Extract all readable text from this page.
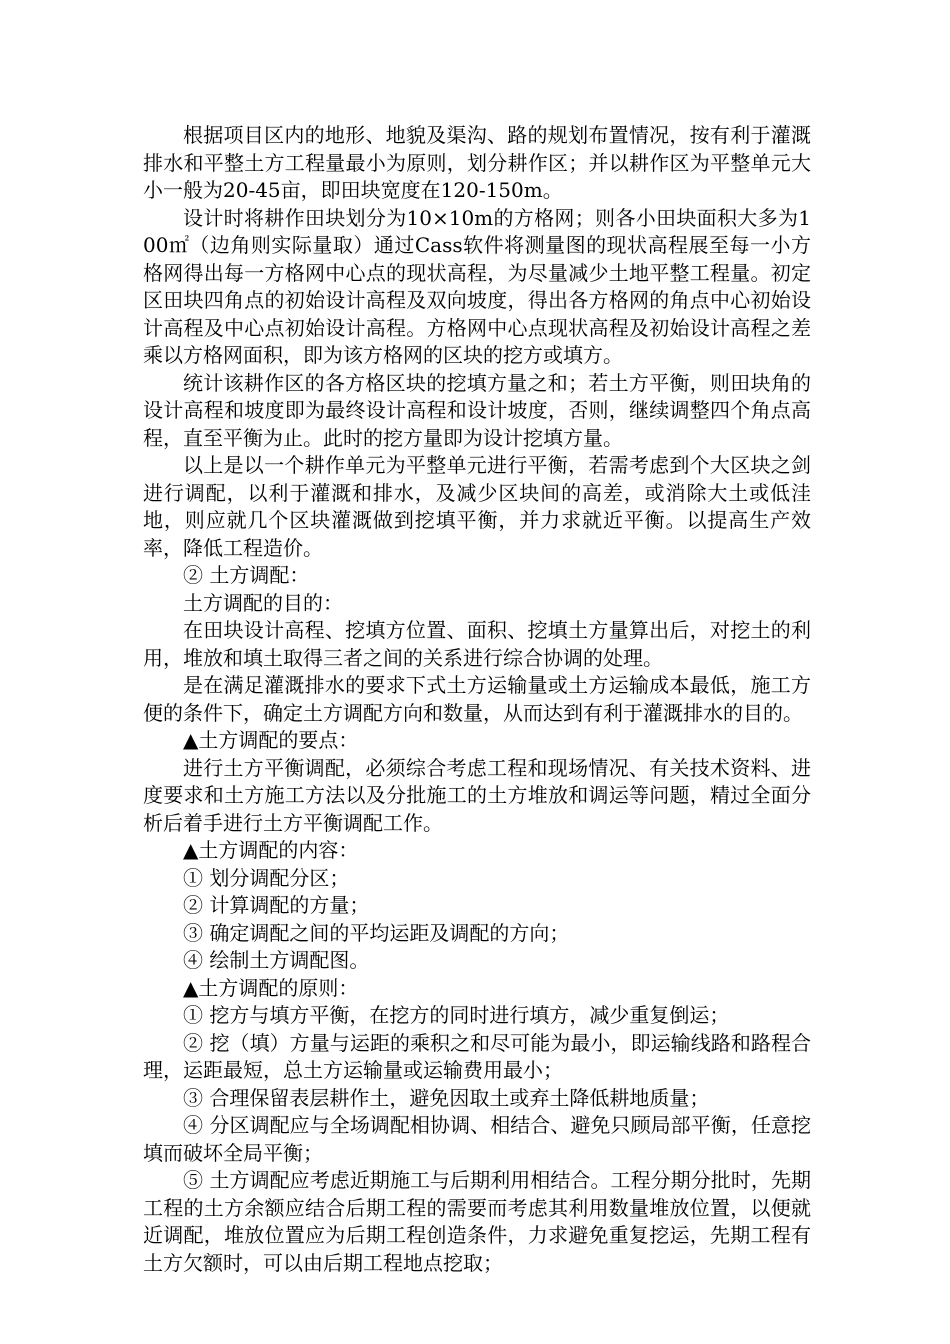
根据项目区内的地形、地貌及渠沟、路的规划布置情况，按有利于灌溉排水和平整土方工程量最小为原则，划分耕作区；并以耕作区为平整单元大小一般为20-45亩，即田块宽度在120-150m。

设计时将耕作田块划分为10×10m的方格网；则各小田块面积大多为100㎡（边角则实际量取）通过Cass软件将测量图的现状高程展至每一小方格网得出每一方格网中心点的现状高程，为尽量减少土地平整工程量。初定区田块四角点的初始设计高程及双向坡度，得出各方格网的角点中心初始设计高程及中心点初始设计高程。方格网中心点现状高程及初始设计高程之差乘以方格网面积，即为该方格网的区块的挖方或填方。

统计该耕作区的各方格区块的挖填方量之和；若土方平衡，则田块角的设计高程和坡度即为最终设计高程和设计坡度，否则，继续调整四个角点高程，直至平衡为止。此时的挖方量即为设计挖填方量。

以上是以一个耕作单元为平整单元进行平衡，若需考虑到个大区块之剑进行调配，以利于灌溉和排水，及减少区块间的高差，或消除大土或低洼地，则应就几个区块灌溉做到挖填平衡，并力求就近平衡。以提高生产效率，降低工程造价。

② 土方调配：

土方调配的目的：

在田块设计高程、挖填方位置、面积、挖填土方量算出后，对挖土的利用，堆放和填土取得三者之间的关系进行综合协调的处理。

是在满足灌溉排水的要求下式土方运输量或土方运输成本最低，施工方便的条件下，确定土方调配方向和数量，从而达到有利于灌溉排水的目的。

▲土方调配的要点：

进行土方平衡调配，必须综合考虑工程和现场情况、有关技术资料、进度要求和土方施工方法以及分批施工的土方堆放和调运等问题，精过全面分析后着手进行土方平衡调配工作。

▲土方调配的内容：

① 划分调配分区；

② 计算调配的方量；

③ 确定调配之间的平均运距及调配的方向；

④ 绘制土方调配图。

▲土方调配的原则：

① 挖方与填方平衡，在挖方的同时进行填方，减少重复倒运；

② 挖（填）方量与运距的乘积之和尽可能为最小，即运输线路和路程合理，运距最短，总土方运输量或运输费用最小；

③ 合理保留表层耕作土，避免因取土或弃土降低耕地质量；

④ 分区调配应与全场调配相协调、相结合、避免只顾局部平衡，任意挖填而破坏全局平衡；

⑤ 土方调配应考虑近期施工与后期利用相结合。工程分期分批时，先期工程的土方余额应结合后期工程的需要而考虑其利用数量堆放位置，以便就近调配，堆放位置应为后期工程创造条件，力求避免重复挖运，先期工程有土方欠额时，可以由后期工程地点挖取；
